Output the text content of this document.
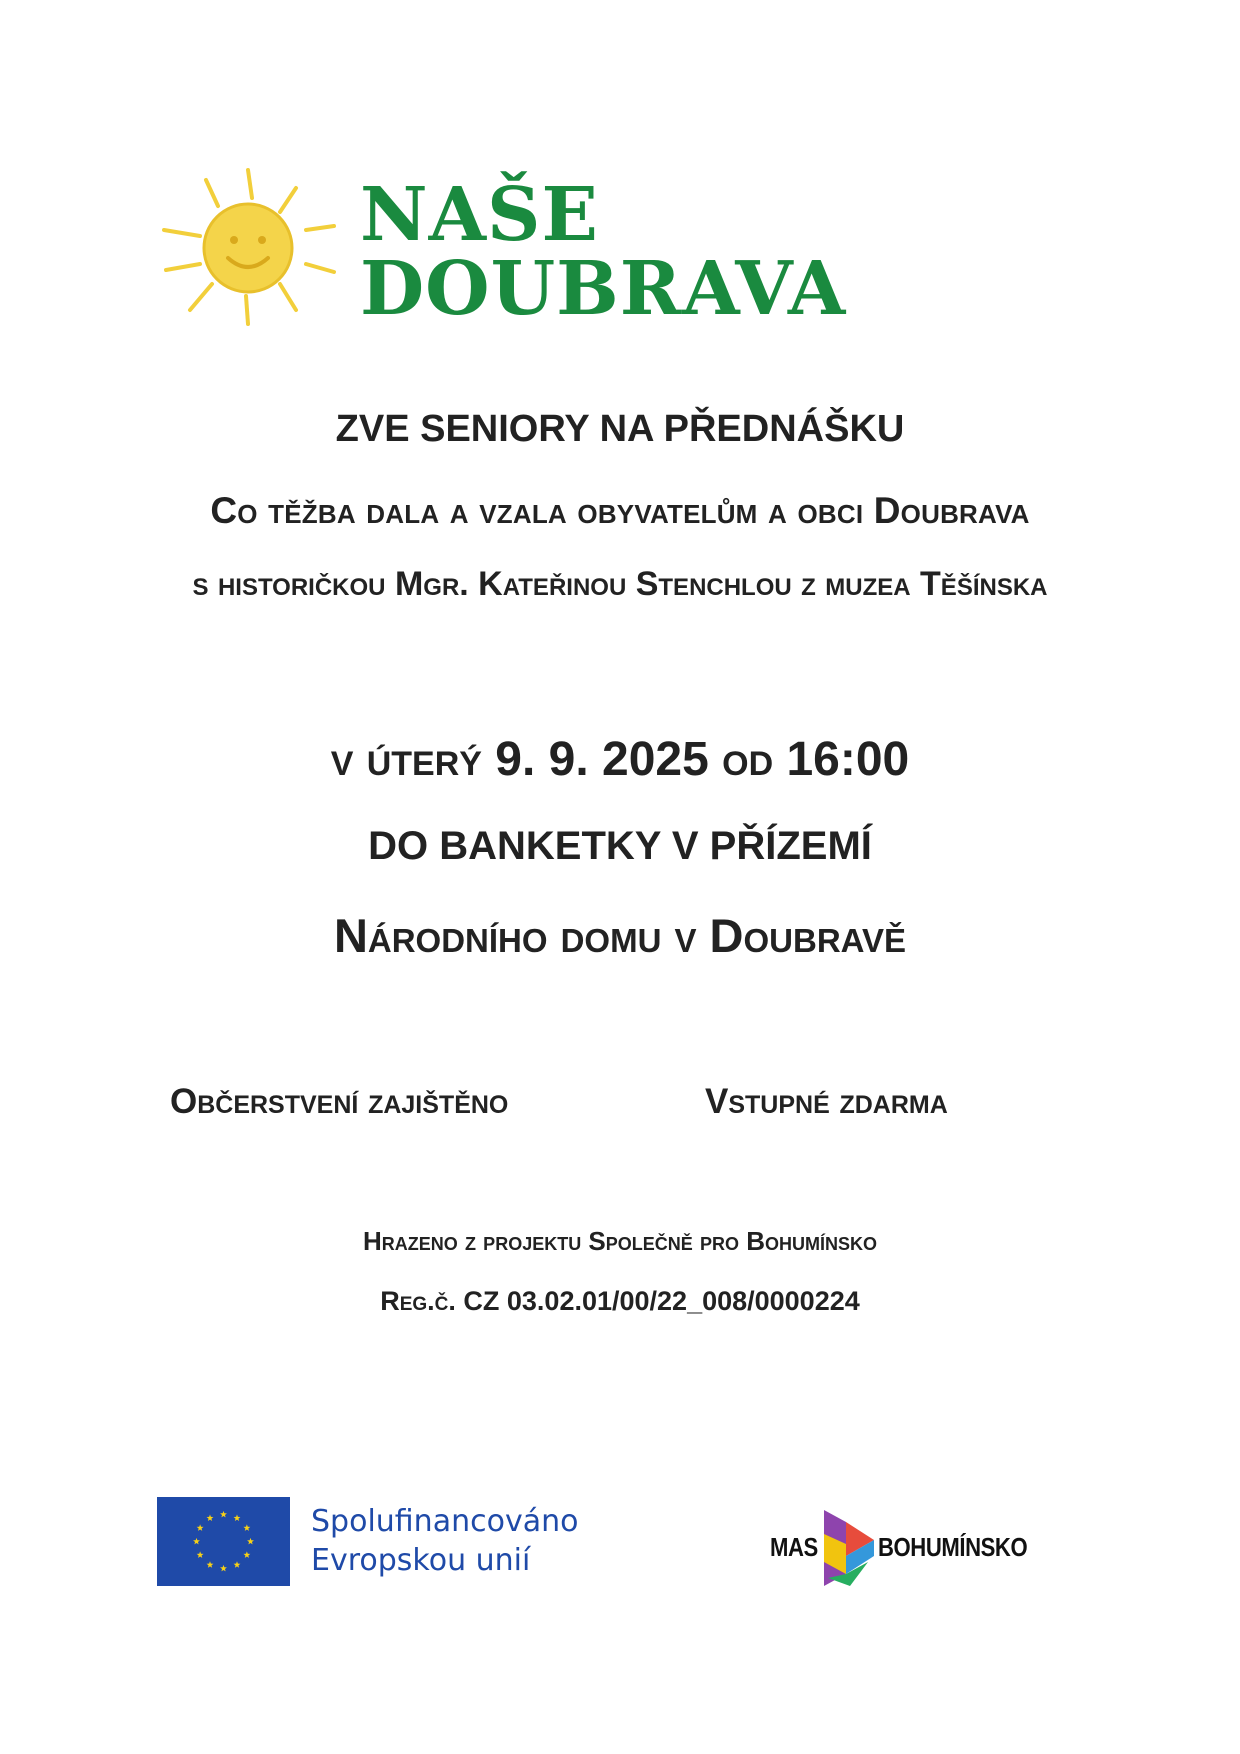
NAŠE DOUBRAVA
ZVE SENIORY NA PŘEDNÁŠKU
Co těžba dala a vzala obyvatelům a obci Doubrava
s historičkou Mgr. Kateřinou Stenchlou z muzea Těšínska
v úterý 9. 9. 2025 od 16:00
DO BANKETKY V PŘÍZEMÍ
Národního domu v Doubravě
Občerstvení zajištěno	Vstupné zdarma
Hrazeno z projektu Společně pro Bohumínsko
Reg.č. CZ 03.02.01/00/22_008/0000224
Spolufinancováno
Evropskou unií	MAS BOHUMÍNSKO
